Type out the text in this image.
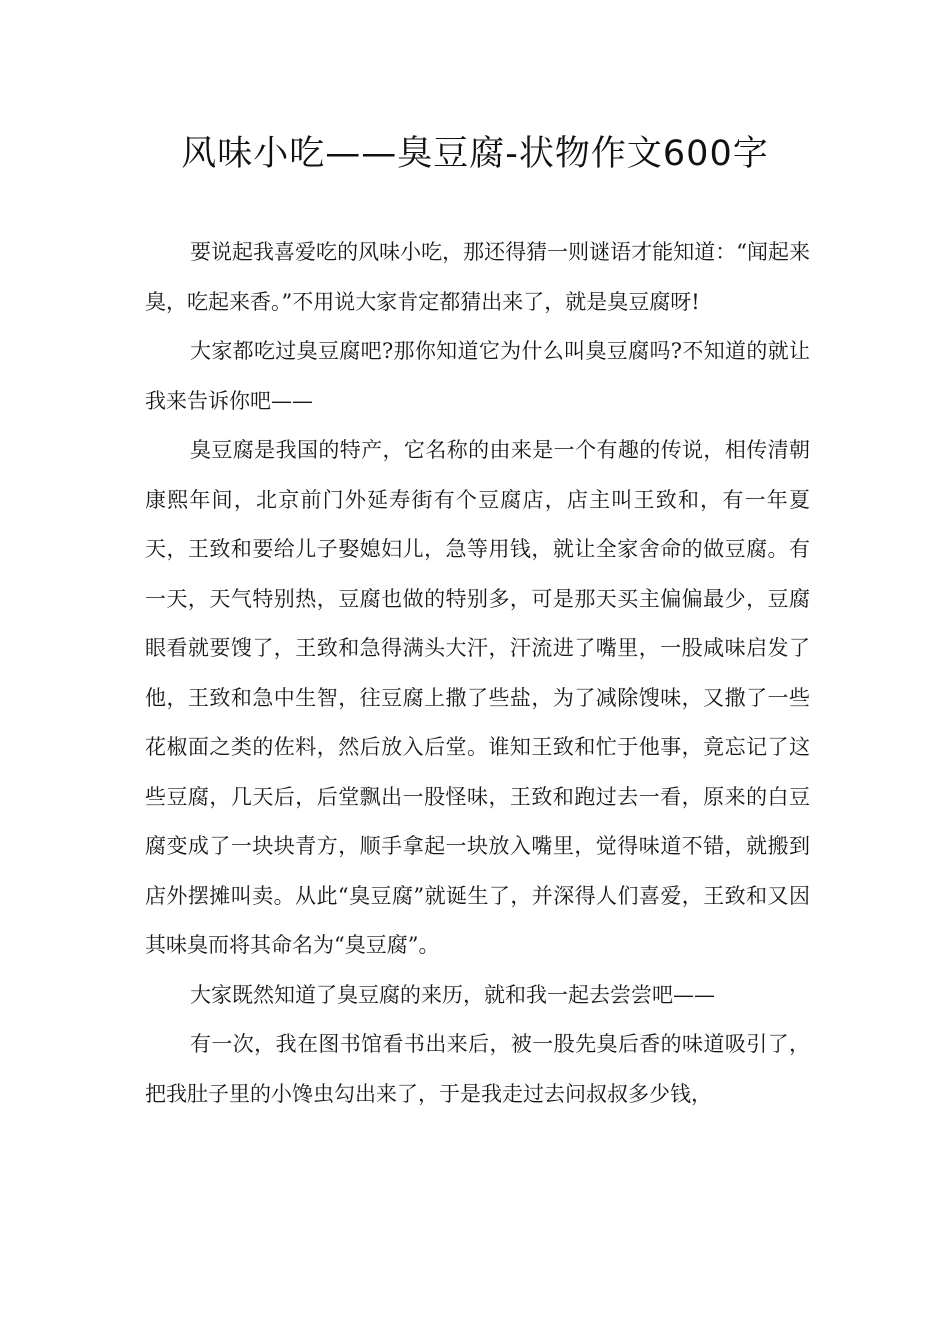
风味小吃——臭豆腐-状物作文600字

要说起我喜爱吃的风味小吃，那还得猜一则谜语才能知道：“闻起来臭，吃起来香。”不用说大家肯定都猜出来了，就是臭豆腐呀!

大家都吃过臭豆腐吧?那你知道它为什么叫臭豆腐吗?不知道的就让我来告诉你吧——

臭豆腐是我国的特产，它名称的由来是一个有趣的传说，相传清朝康熙年间，北京前门外延寿街有个豆腐店，店主叫王致和，有一年夏天，王致和要给儿子娶媳妇儿，急等用钱，就让全家舍命的做豆腐。有一天，天气特别热，豆腐也做的特别多，可是那天买主偏偏最少，豆腐眼看就要馊了，王致和急得满头大汗，汗流进了嘴里，一股咸味启发了他，王致和急中生智，往豆腐上撒了些盐，为了减除馊味，又撒了一些花椒面之类的佐料，然后放入后堂。谁知王致和忙于他事，竟忘记了这些豆腐，几天后，后堂飘出一股怪味，王致和跑过去一看，原来的白豆腐变成了一块块青方，顺手拿起一块放入嘴里，觉得味道不错，就搬到店外摆摊叫卖。从此“臭豆腐”就诞生了，并深得人们喜爱，王致和又因其味臭而将其命名为“臭豆腐”。

大家既然知道了臭豆腐的来历，就和我一起去尝尝吧——

有一次，我在图书馆看书出来后，被一股先臭后香的味道吸引了，把我肚子里的小馋虫勾出来了，于是我走过去问叔叔多少钱，
